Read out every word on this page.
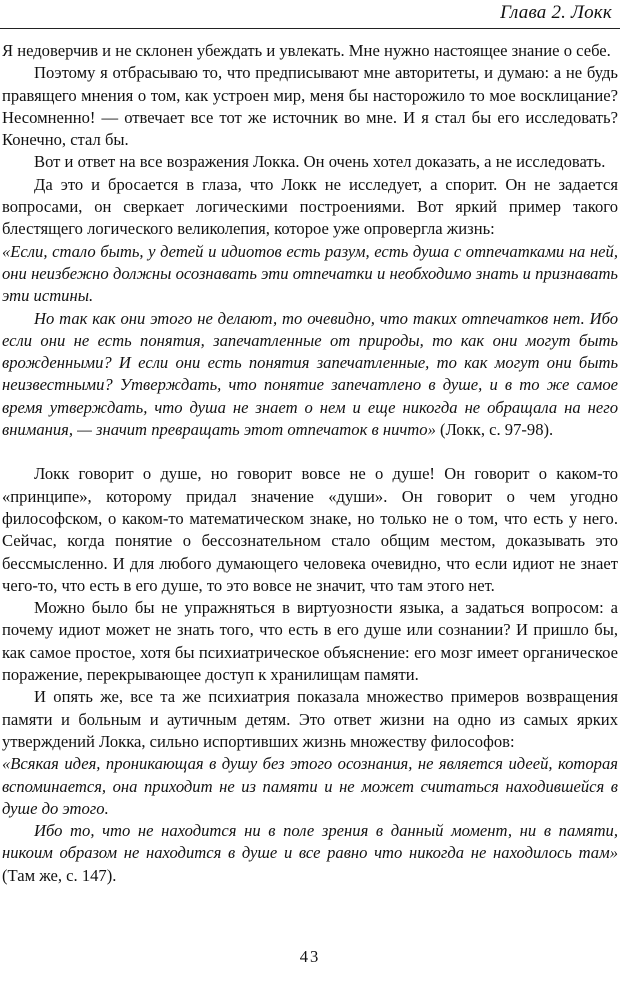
Глава 2. Локк

Я недоверчив и не склонен убеждать и увлекать. Мне нужно настоящее знание о себе.

Поэтому я отбрасываю то, что предписывают мне авторитеты, и думаю: а не будь правящего мнения о том, как устроен мир, меня бы насторожило то мое восклицание? Несомненно! — отвечает все тот же источник во мне. И я стал бы его исследовать? Конечно, стал бы.

Вот и ответ на все возражения Локка. Он очень хотел доказать, а не исследовать.

Да это и бросается в глаза, что Локк не исследует, а спорит. Он не задается вопросами, он сверкает логическими построениями. Вот яркий пример такого блестящего логического великолепия, которое уже опровергла жизнь:

«Если, стало быть, у детей и идиотов есть разум, есть душа с отпечатками на ней, они неизбежно должны осознавать эти отпечатки и необходимо знать и признавать эти истины.

Но так как они этого не делают, то очевидно, что таких отпечатков нет. Ибо если они не есть понятия, запечатленные от природы, то как они могут быть врожденными? И если они есть понятия запечатленные, то как могут они быть неизвестными? Утверждать, что понятие запечатлено в душе, и в то же самое время утверждать, что душа не знает о нем и еще никогда не обращала на него внимания, — значит превращать этот отпечаток в ничто» (Локк, с. 97-98).

Локк говорит о душе, но говорит вовсе не о душе! Он говорит о каком-то «принципе», которому придал значение «души». Он говорит о чем угодно философском, о каком-то математическом знаке, но только не о том, что есть у него. Сейчас, когда понятие о бессознательном стало общим местом, доказывать это бессмысленно. И для любого думающего человека очевидно, что если идиот не знает чего-то, что есть в его душе, то это вовсе не значит, что там этого нет.

Можно было бы не упражняться в виртуозности языка, а задаться вопросом: а почему идиот может не знать того, что есть в его душе или сознании? И пришло бы, как самое простое, хотя бы психиатрическое объяснение: его мозг имеет органическое поражение, перекрывающее доступ к хранилищам памяти.

И опять же, все та же психиатрия показала множество примеров возвращения памяти и больным и аутичным детям. Это ответ жизни на одно из самых ярких утверждений Локка, сильно испортивших жизнь множеству философов:

«Всякая идея, проникающая в душу без этого осознания, не является идеей, которая вспоминается, она приходит не из памяти и не может считаться находившейся в душе до этого.

Ибо то, что не находится ни в поле зрения в данный момент, ни в памяти, никоим образом не находится в душе и все равно что никогда не находилось там» (Там же, с. 147).

43
